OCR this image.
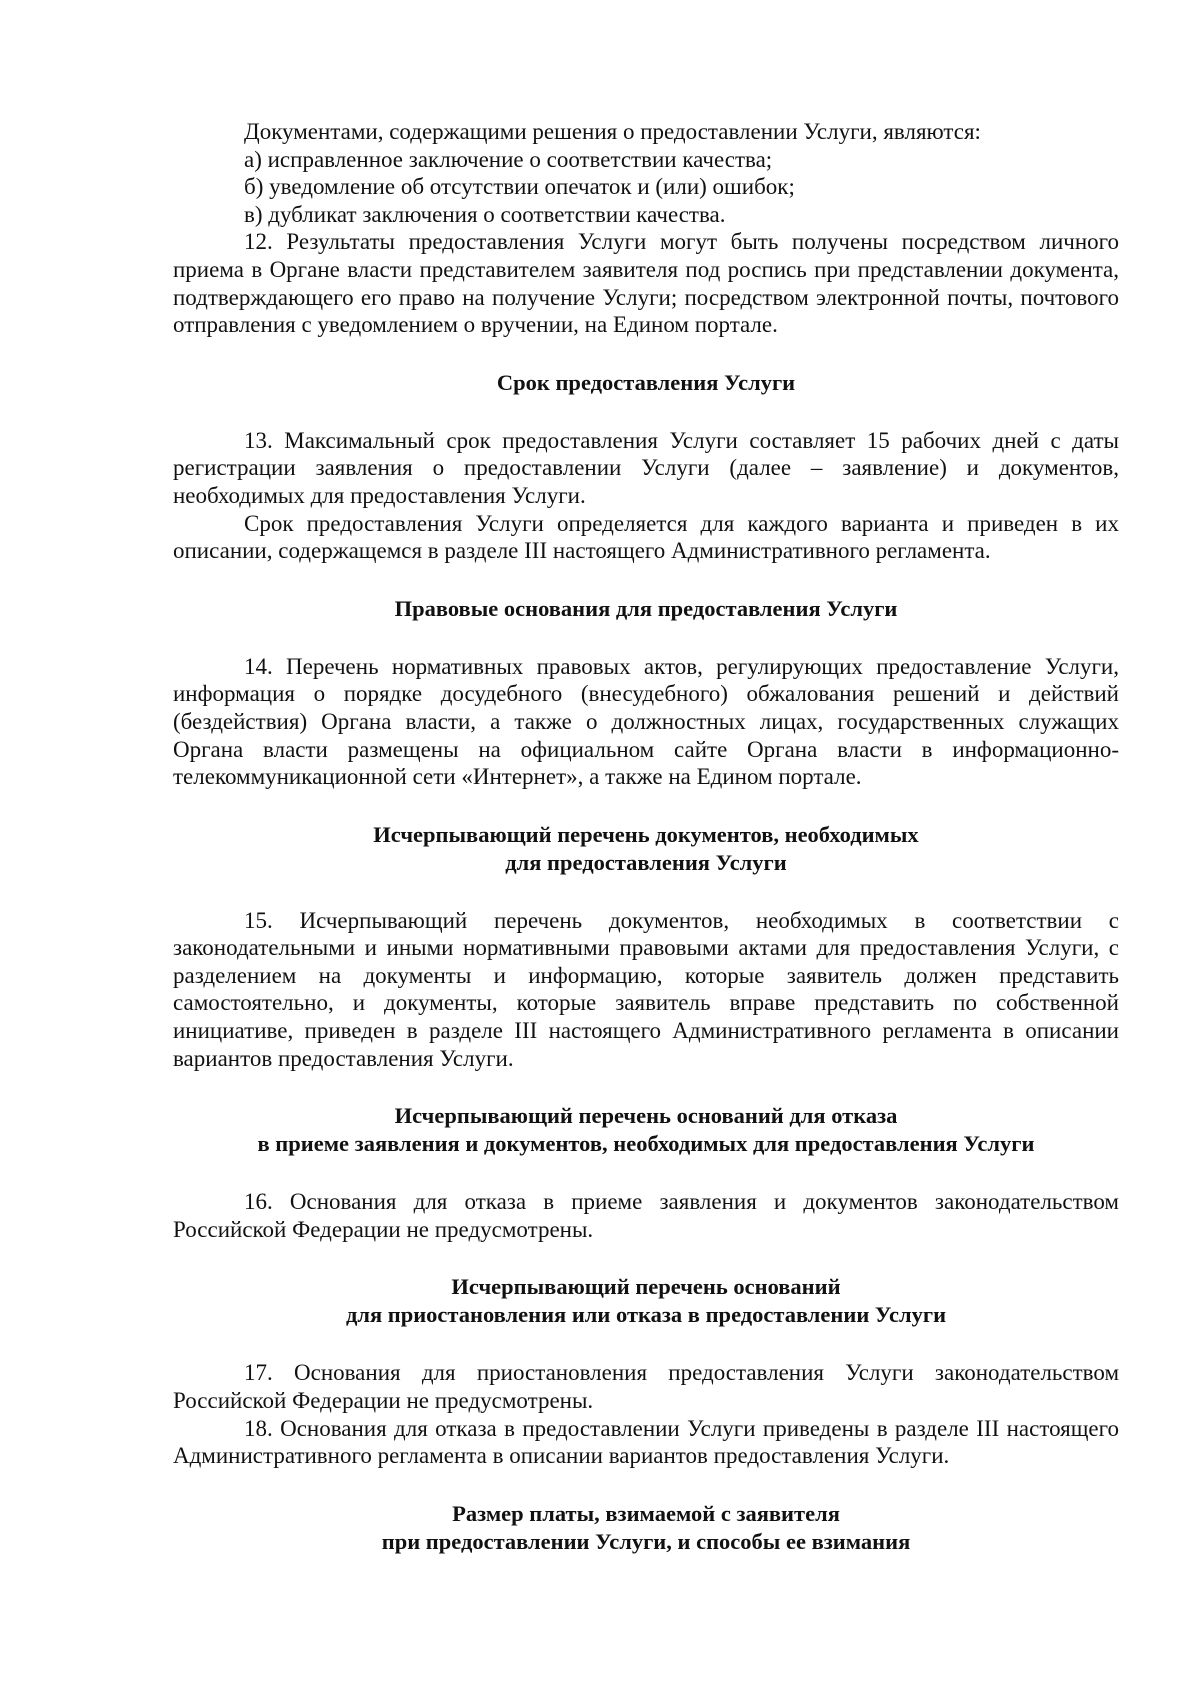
Документами, содержащими решения о предоставлении Услуги, являются:

а) исправленное заключение о соответствии качества;

б) уведомление об отсутствии опечаток и (или) ошибок;

в) дубликат заключения о соответствии качества.

12. Результаты предоставления Услуги могут быть получены посредством личного приема в Органе власти представителем заявителя под роспись при представлении документа, подтверждающего его право на получение Услуги; посредством электронной почты, почтового отправления с уведомлением о вручении, на Едином портале.

Срок предоставления Услуги

13. Максимальный срок предоставления Услуги составляет 15 рабочих дней с даты регистрации заявления о предоставлении Услуги (далее – заявление) и документов, необходимых для предоставления Услуги.

Срок предоставления Услуги определяется для каждого варианта и приведен в их описании, содержащемся в разделе III настоящего Административного регламента.

Правовые основания для предоставления Услуги

14. Перечень нормативных правовых актов, регулирующих предоставление Услуги, информация о порядке досудебного (внесудебного) обжалования решений и действий (бездействия) Органа власти, а также о должностных лицах, государственных служащих Органа власти размещены на официальном сайте Органа власти в информационно-телекоммуникационной сети «Интернет», а также на Едином портале.

Исчерпывающий перечень документов, необходимых
для предоставления Услуги

15. Исчерпывающий перечень документов, необходимых в соответствии с законодательными и иными нормативными правовыми актами для предоставления Услуги, с разделением на документы и информацию, которые заявитель должен представить самостоятельно, и документы, которые заявитель вправе представить по собственной инициативе, приведен в разделе III настоящего Административного регламента в описании вариантов предоставления Услуги.

Исчерпывающий перечень оснований для отказа
в приеме заявления и документов, необходимых для предоставления Услуги

16. Основания для отказа в приеме заявления и документов законодательством Российской Федерации не предусмотрены.

Исчерпывающий перечень оснований
для приостановления или отказа в предоставлении Услуги

17. Основания для приостановления предоставления Услуги законодательством Российской Федерации не предусмотрены.

18. Основания для отказа в предоставлении Услуги приведены в разделе III настоящего Административного регламента в описании вариантов предоставления Услуги.

Размер платы, взимаемой с заявителя
при предоставлении Услуги, и способы ее взимания
